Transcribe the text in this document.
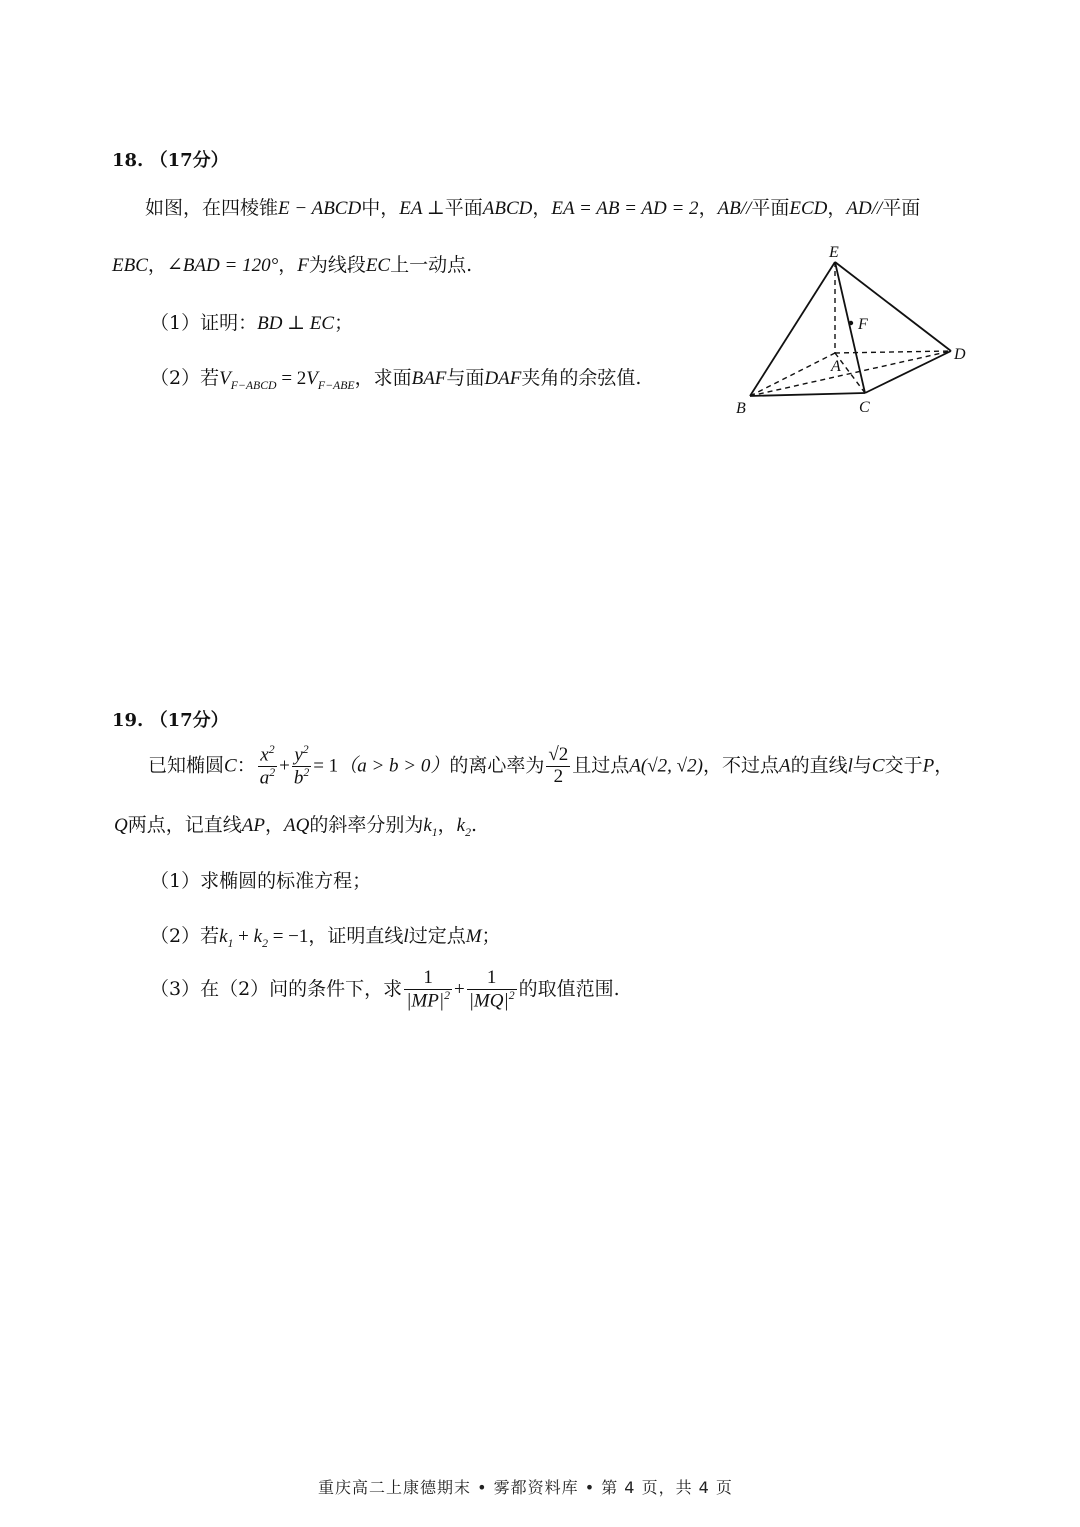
18. （17分）
如图，在四棱锥E − ABCD中，EA ⊥平面ABCD，EA = AB = AD = 2，AB//平面ECD，AD//平面
EBC，∠BAD = 120°，F为线段EC上一动点.
（1）证明：BD ⊥ EC；
（2）若$V_{F-ABCD} = 2V_{F-ABE}$，求面BAF与面DAF夹角的余弦值.
E
F
A
D
B	C
19. （17分）
已知椭圆C： $\frac{x^2}{a^2} + \frac{y^2}{b^2} = 1(a > b > 0)$的离心率为 $\frac{√2}{2}$ 且过点A(√2, √2)，不过点A的直线l与C交于P，
Q两点，记直线AP，AQ的斜率分别为$k_1$，$k_2$.
（1）求椭圆的标准方程；
（2）若$k_1 + k_2 = -1$，证明直线l过定点M；
（3）在（2）问的条件下，求 $\frac{1}{|MP|^2} + \frac{1}{|MQ|^2}$ 的取值范围.
重庆高二上康德期末 • 雾都资料库 • 第 4 页，共 4 页
